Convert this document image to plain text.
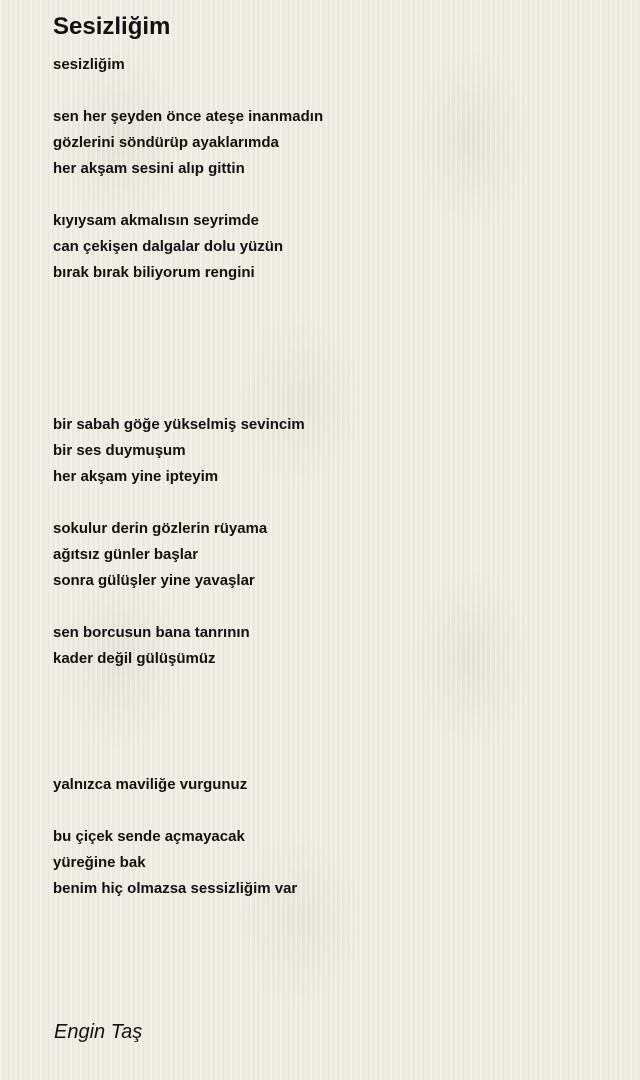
Sesizliğim
sesizliğim
sen her şeyden önce ateşe inanmadın
gözlerini söndürüp ayaklarımda
her akşam sesini alıp gittin
kıyıysam akmalısın seyrimde
can çekişen dalgalar dolu yüzün
bırak bırak biliyorum rengini
bir sabah göğe yükselmiş sevincim
bir ses duymuşum
her akşam yine ipteyim
sokulur derin gözlerin rüyama
ağıtsız günler başlar
sonra gülüşler yine yavaşlar
sen borcusun bana tanrının
kader değil gülüşümüz
yalnızca maviliğe vurgunuz
bu çiçek sende açmayacak
yüreğine bak
benim hiç olmazsa sessizliğim var
Engin Taş
